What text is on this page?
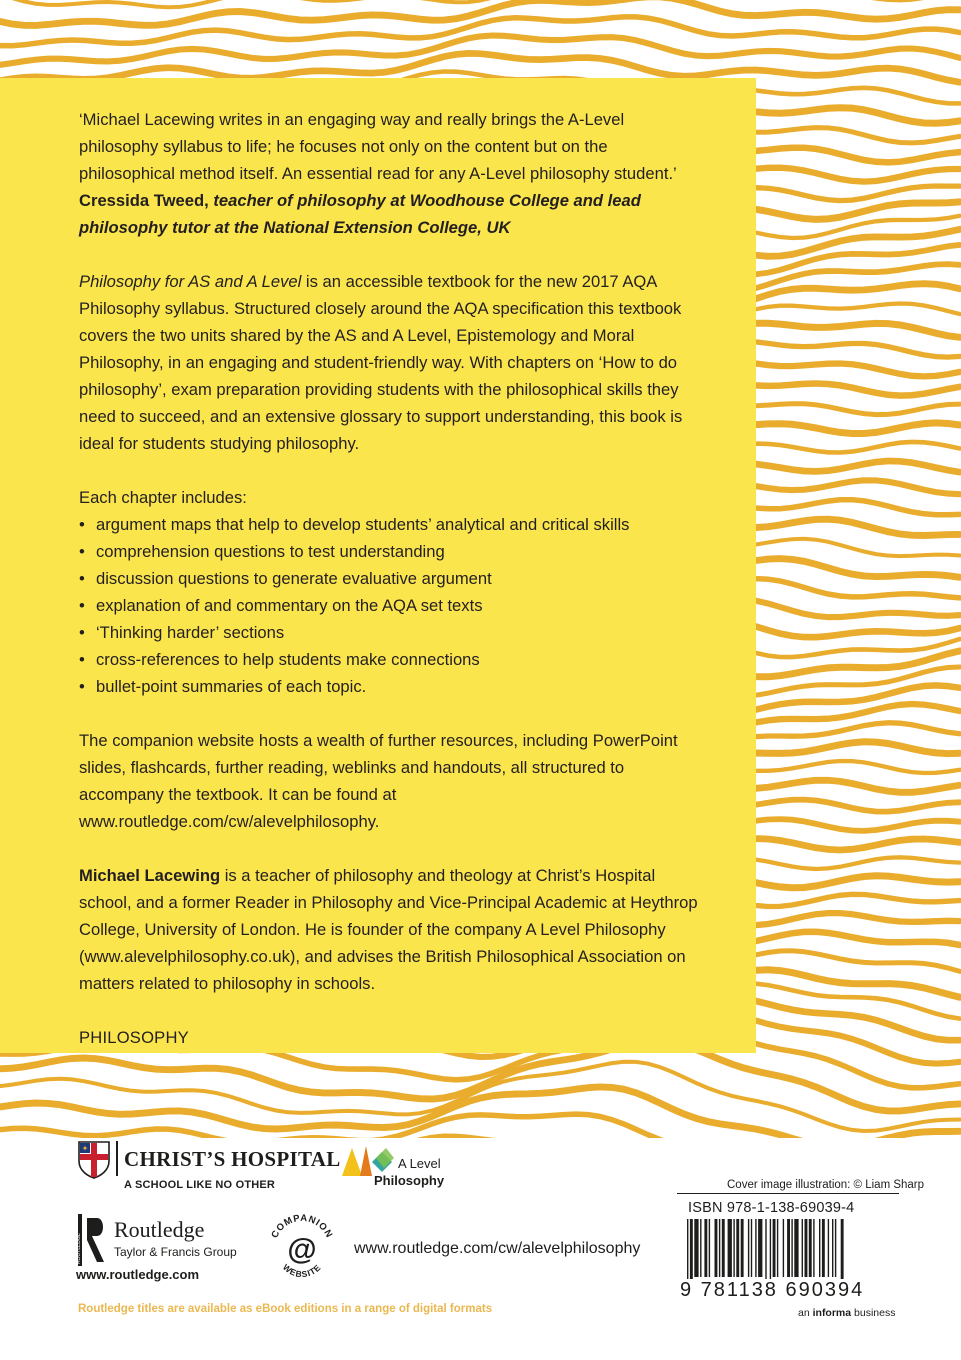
‘Michael Lacewing writes in an engaging way and really brings the A-Level philosophy syllabus to life; he focuses not only on the content but on the philosophical method itself. An essential read for any A-Level philosophy student.’

Cressida Tweed, teacher of philosophy at Woodhouse College and lead philosophy tutor at the National Extension College, UK

Philosophy for AS and A Level is an accessible textbook for the new 2017 AQA Philosophy syllabus. Structured closely around the AQA specification this textbook covers the two units shared by the AS and A Level, Epistemology and Moral Philosophy, in an engaging and student-friendly way. With chapters on ‘How to do philosophy’, exam preparation providing students with the philosophical skills they need to succeed, and an extensive glossary to support understanding, this book is ideal for students studying philosophy.

Each chapter includes:

• argument maps that help to develop students’ analytical and critical skills
• comprehension questions to test understanding
• discussion questions to generate evaluative argument
• explanation of and commentary on the AQA set texts
• ‘Thinking harder’ sections
• cross-references to help students make connections
• bullet-point summaries of each topic.

The companion website hosts a wealth of further resources, including PowerPoint slides, flashcards, further reading, weblinks and handouts, all structured to accompany the textbook. It can be found at www.routledge.com/cw/alevelphilosophy.

Michael Lacewing is a teacher of philosophy and theology at Christ’s Hospital school, and a former Reader in Philosophy and Vice-Principal Academic at Heythrop College, University of London. He is founder of the company A Level Philosophy (www.alevelphilosophy.co.uk), and advises the British Philosophical Association on matters related to philosophy in schools.

PHILOSOPHY

✦ CHRIST’S HOSPITAL
A SCHOOL LIKE NO OTHER
A Level
Philosophy
ROUTLEDGE
Routledge
Taylor & Francis Group
www.routledge.com
COMPANION
WEBSITE
@ www.routledge.com/cw/alevelphilosophy
Routledge titles are available as eBook editions in a range of digital formats
Cover image illustration: © Liam Sharp
ISBN 978-1-138-69039-4
9 781138 690394
an informa business
